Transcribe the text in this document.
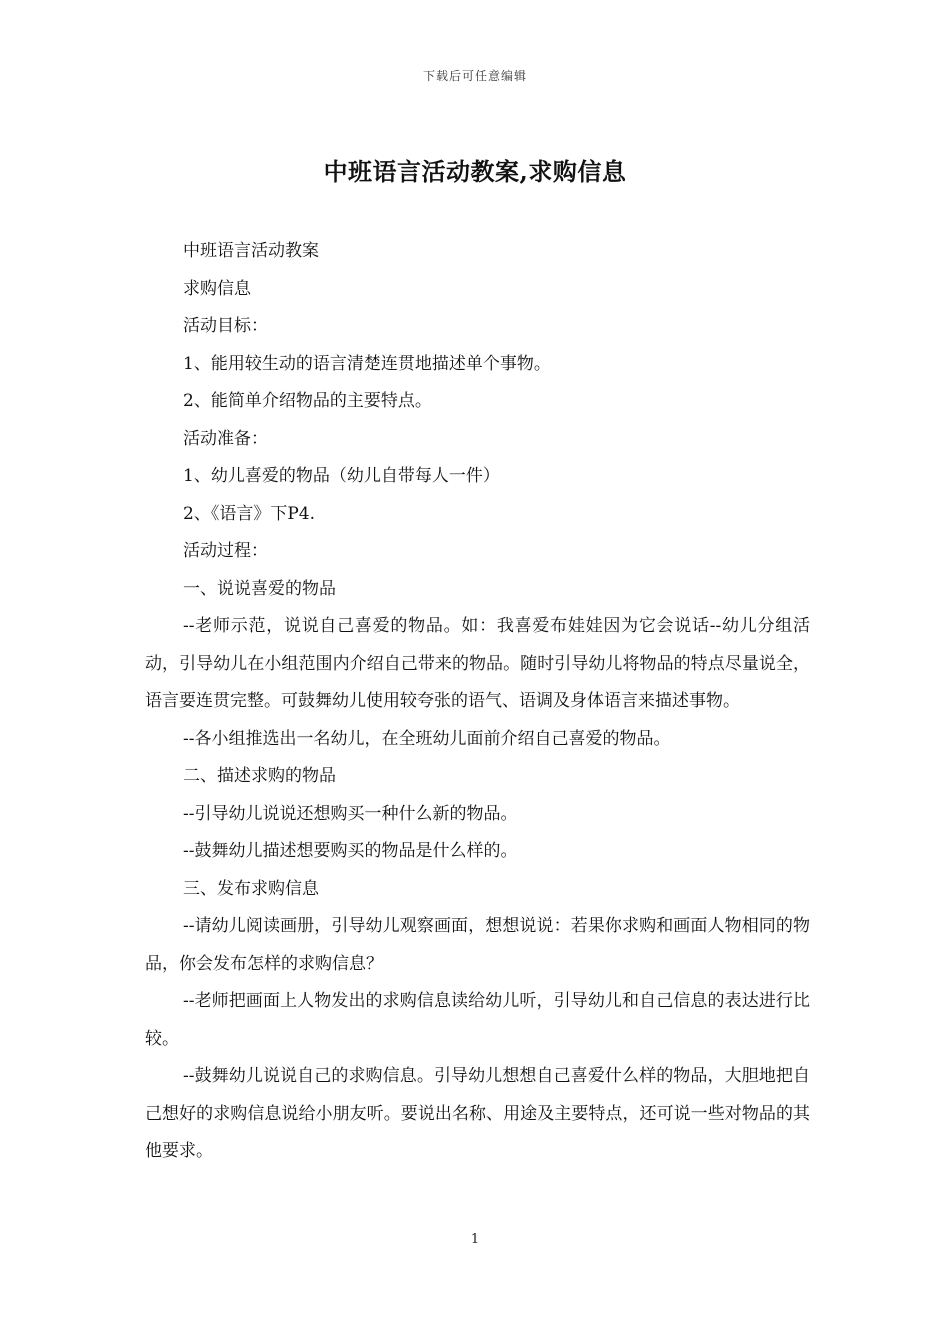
下载后可任意编辑
中班语言活动教案,求购信息

中班语言活动教案

求购信息

活动目标：

1、能用较生动的语言清楚连贯地描述单个事物。

2、能简单介绍物品的主要特点。

活动准备：

1、幼儿喜爱的物品（幼儿自带每人一件）

2、《语言》下P4.

活动过程：

一、说说喜爱的物品

--老师示范，说说自己喜爱的物品。如：我喜爱布娃娃因为它会说话--幼儿分组活动，引导幼儿在小组范围内介绍自己带来的物品。随时引导幼儿将物品的特点尽量说全，语言要连贯完整。可鼓舞幼儿使用较夸张的语气、语调及身体语言来描述事物。

--各小组推选出一名幼儿，在全班幼儿面前介绍自己喜爱的物品。

二、描述求购的物品

--引导幼儿说说还想购买一种什么新的物品。

--鼓舞幼儿描述想要购买的物品是什么样的。

三、发布求购信息

--请幼儿阅读画册，引导幼儿观察画面，想想说说：若果你求购和画面人物相同的物品，你会发布怎样的求购信息？

--老师把画面上人物发出的求购信息读给幼儿听，引导幼儿和自己信息的表达进行比较。

--鼓舞幼儿说说自己的求购信息。引导幼儿想想自己喜爱什么样的物品，大胆地把自己想好的求购信息说给小朋友听。要说出名称、用途及主要特点，还可说一些对物品的其他要求。

1
